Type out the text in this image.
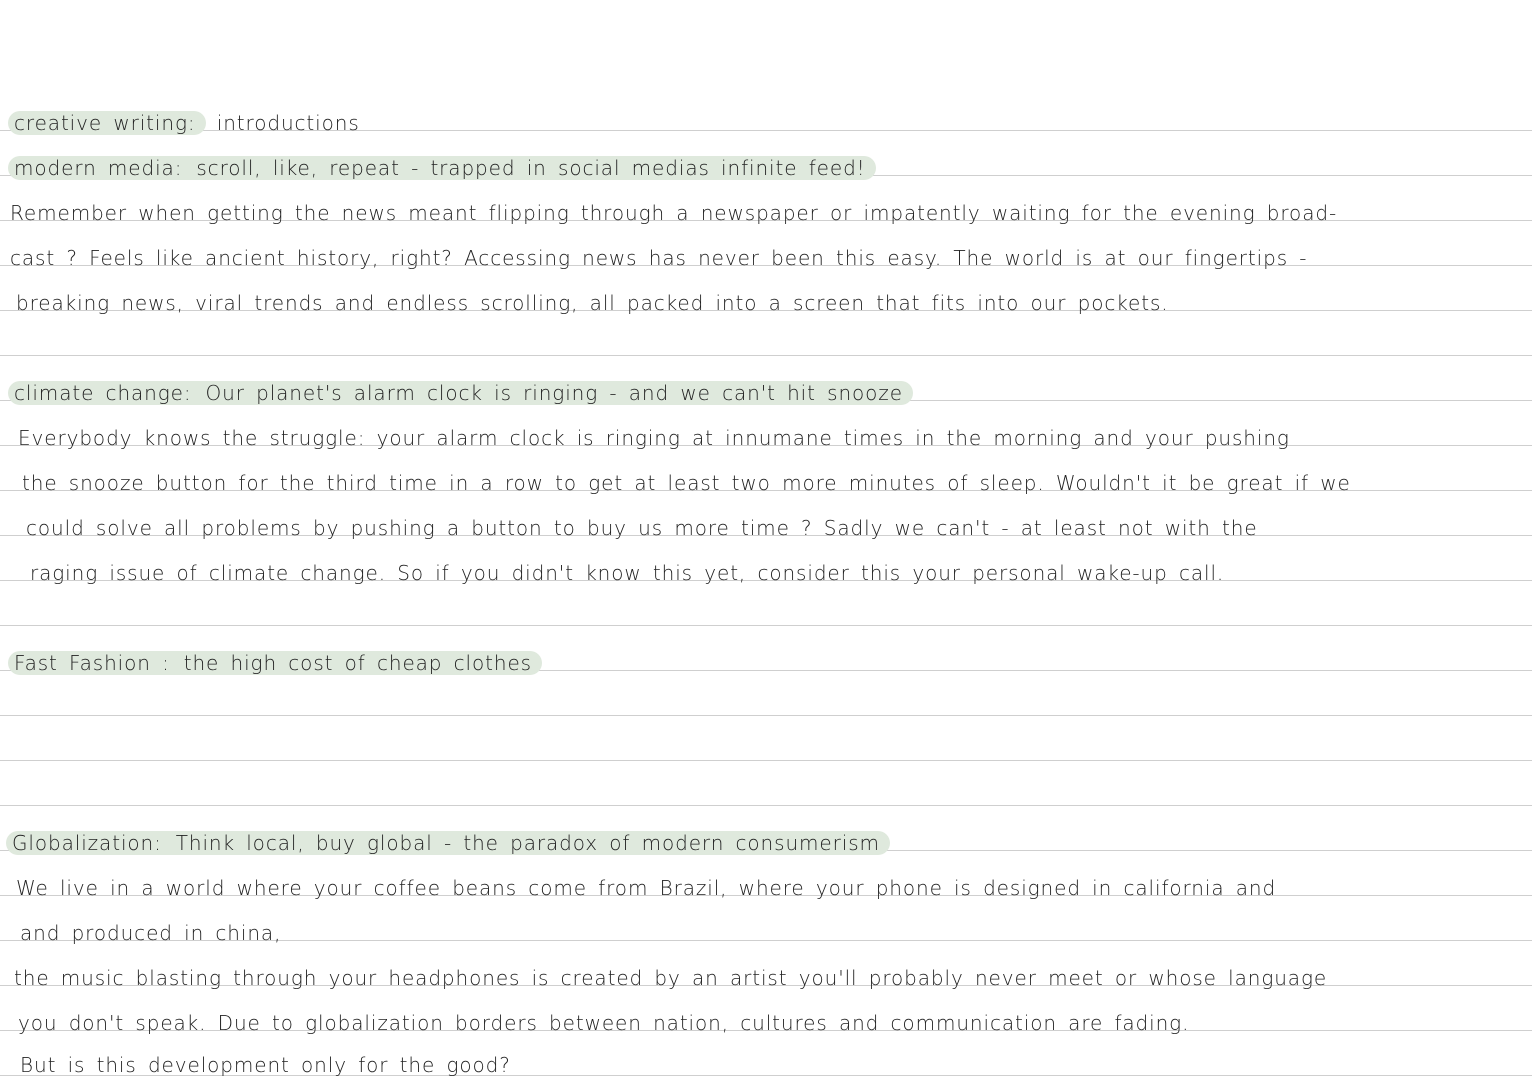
creative writing: introductions
modern media: scroll, like, repeat - trapped in social medias infinite feed!
Remember when getting the news meant flipping through a newspaper or impatently waiting for the evening broad-
cast ? Feels like ancient history, right? Accessing news has never been this easy. The world is at our fingertips -
breaking news, viral trends and endless scrolling, all packed into a screen that fits into our pockets.
climate change: Our planet's alarm clock is ringing - and we can't hit snooze
Everybody knows the struggle: your alarm clock is ringing at innumane times in the morning and your pushing
the snooze button for the third time in a row to get at least two more minutes of sleep. Wouldn't it be great if we
could solve all problems by pushing a button to buy us more time ? Sadly we can't - at least not with the
raging issue of climate change. So if you didn't know this yet, consider this your personal wake-up call.
Fast Fashion : the high cost of cheap clothes
Globalization: Think local, buy global - the paradox of modern consumerism
We live in a world where your coffee beans come from Brazil, where your phone is designed in california and
and produced in china,
the music blasting through your headphones is created by an artist you'll probably never meet or whose language
you don't speak. Due to globalization borders between nation, cultures and communication are fading.
But is this development only for the good?
